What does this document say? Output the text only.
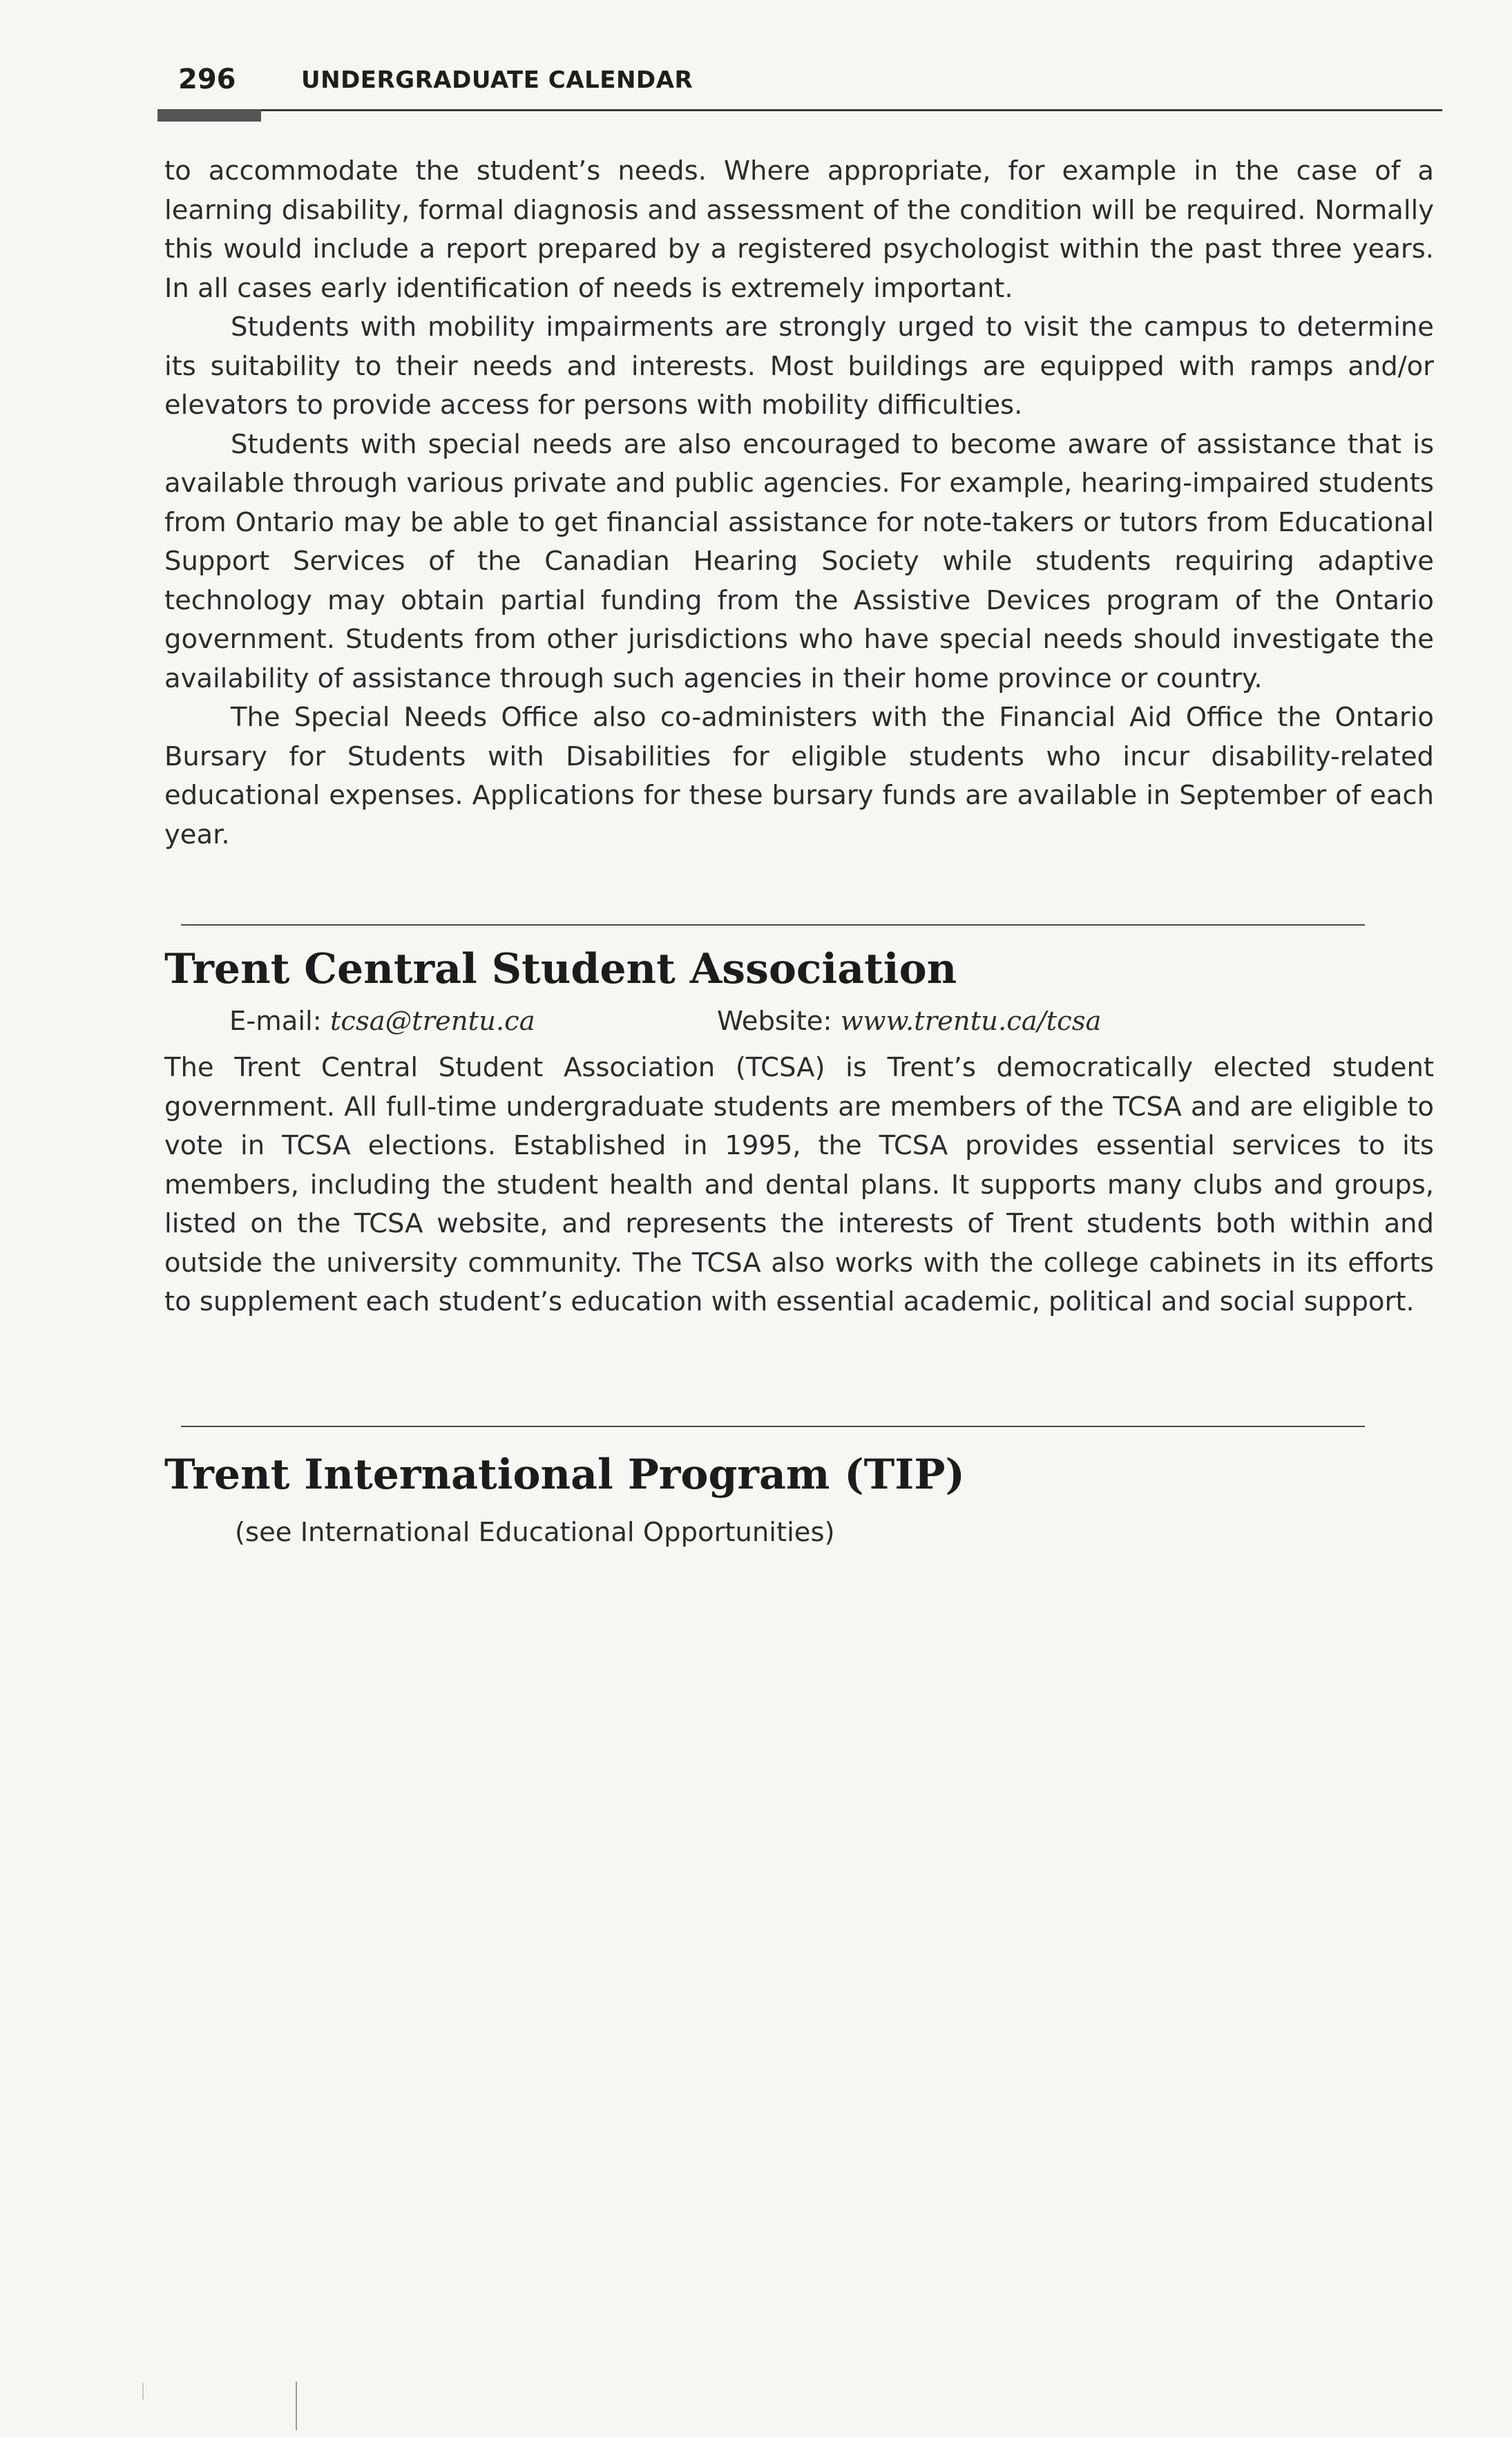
296	UNDERGRADUATE CALENDAR

to accommodate the student’s needs. Where appropriate, for example in the case of a learning disability, formal diagnosis and assessment of the condition will be required. Normally this would include a report prepared by a registered psychologist within the past three years. In all cases early identification of needs is extremely important.

Students with mobility impairments are strongly urged to visit the campus to determine its suitability to their needs and interests. Most buildings are equipped with ramps and/or elevators to provide access for persons with mobility difficulties.

Students with special needs are also encouraged to become aware of assistance that is available through various private and public agencies. For example, hearing-impaired students from Ontario may be able to get financial assistance for note-takers or tutors from Educational Support Services of the Canadian Hearing Society while students requiring adaptive technology may obtain partial funding from the Assistive Devices program of the Ontario government. Students from other jurisdictions who have special needs should investigate the availability of assistance through such agencies in their home province or country.

The Special Needs Office also co-administers with the Financial Aid Office the Ontario Bursary for Students with Disabilities for eligible students who incur disability-related educational expenses. Applications for these bursary funds are available in September of each year.

Trent Central Student Association
E-mail: tcsa@trentu.ca	Website: www.trentu.ca/tcsa

The Trent Central Student Association (TCSA) is Trent’s democratically elected student government. All full-time undergraduate students are members of the TCSA and are eligible to vote in TCSA elections. Established in 1995, the TCSA provides essential services to its members, including the student health and dental plans. It supports many clubs and groups, listed on the TCSA website, and represents the interests of Trent students both within and outside the university community. The TCSA also works with the college cabinets in its efforts to supplement each student’s education with essential academic, political and social support.

Trent International Program (TIP)
(see International Educational Opportunities)
